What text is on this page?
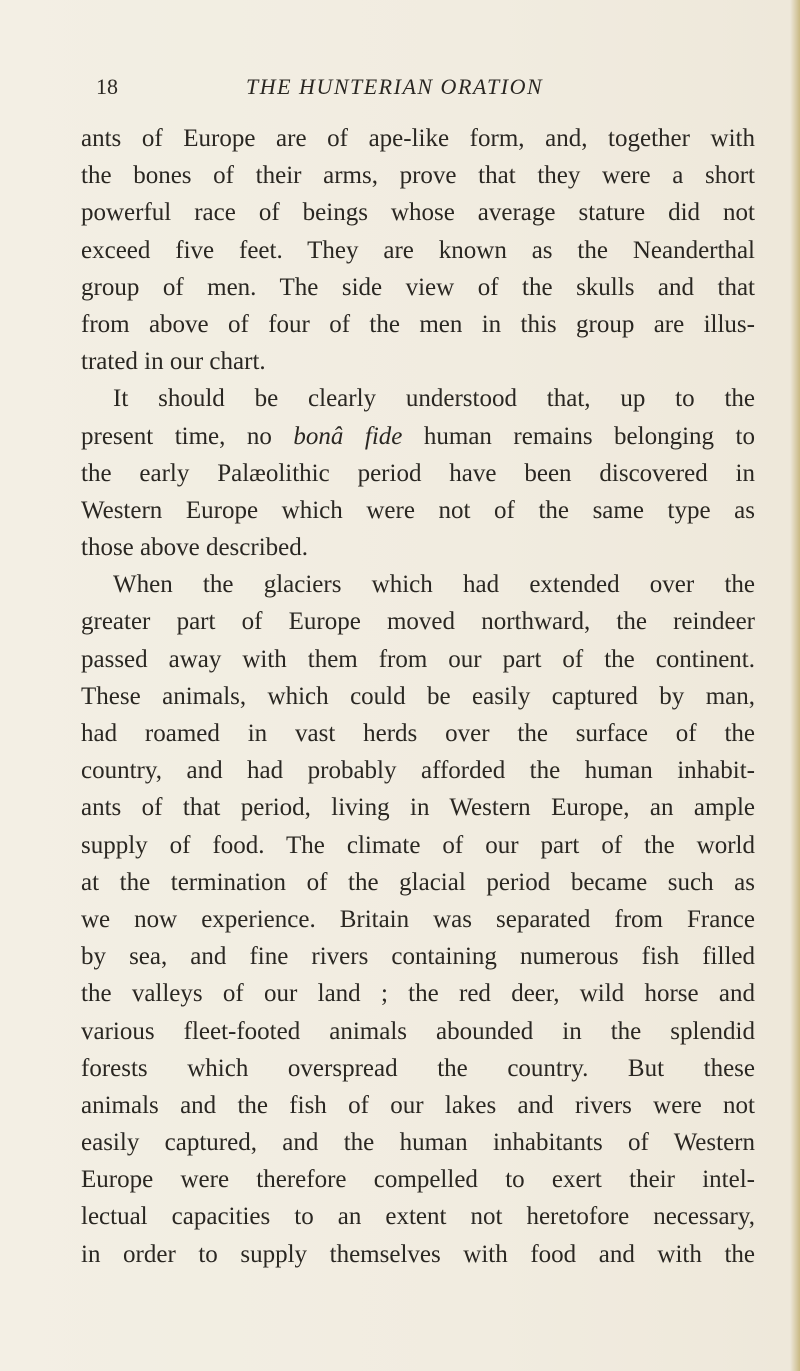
18	THE HUNTERIAN ORATION
ants of Europe are of ape-like form, and, together with
the bones of their arms, prove that they were a short
powerful race of beings whose average stature did not
exceed five feet. They are known as the Neanderthal
group of men. The side view of the skulls and that
from above of four of the men in this group are illus-
trated in our chart.
It should be clearly understood that, up to the
present time, no bonâ fide human remains belonging to
the early Palæolithic period have been discovered in
Western Europe which were not of the same type as
those above described.
When the glaciers which had extended over the
greater part of Europe moved northward, the reindeer
passed away with them from our part of the continent.
These animals, which could be easily captured by man,
had roamed in vast herds over the surface of the
country, and had probably afforded the human inhabit-
ants of that period, living in Western Europe, an ample
supply of food. The climate of our part of the world
at the termination of the glacial period became such as
we now experience. Britain was separated from France
by sea, and fine rivers containing numerous fish filled
the valleys of our land ; the red deer, wild horse and
various fleet-footed animals abounded in the splendid
forests which overspread the country. But these
animals and the fish of our lakes and rivers were not
easily captured, and the human inhabitants of Western
Europe were therefore compelled to exert their intel-
lectual capacities to an extent not heretofore necessary,
in order to supply themselves with food and with the
